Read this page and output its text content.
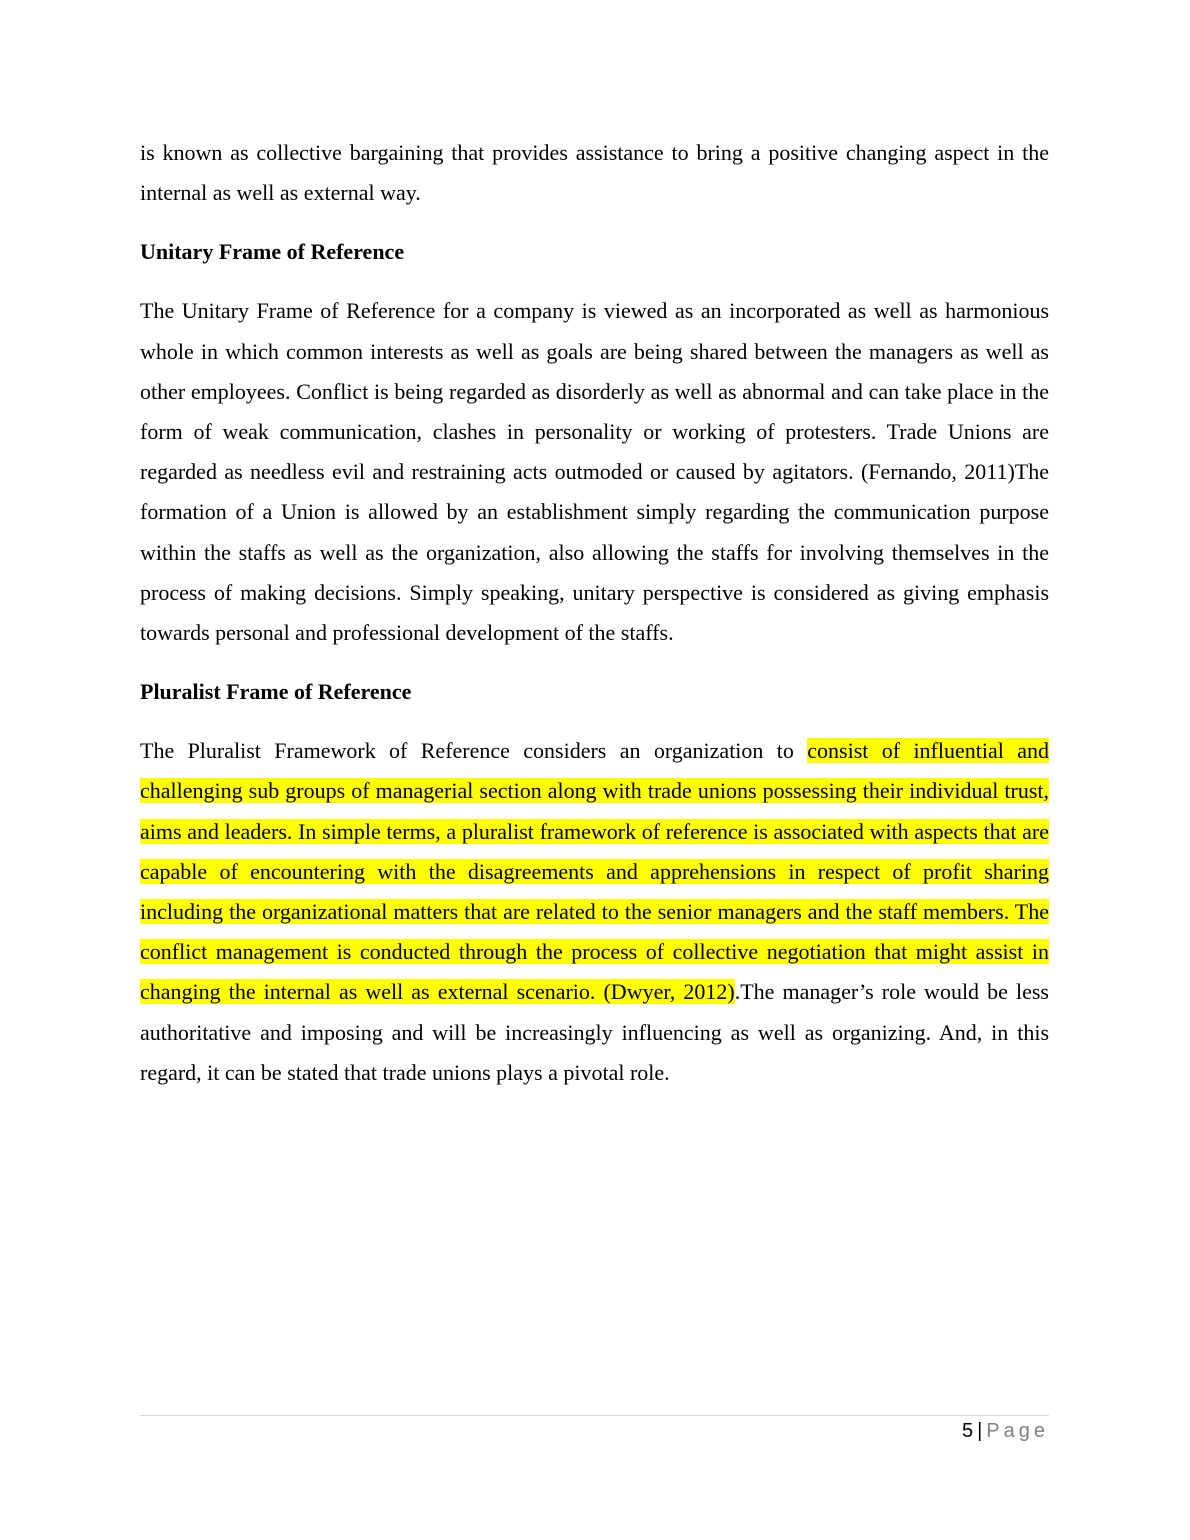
is known as collective bargaining that provides assistance to bring a positive changing aspect in the internal as well as external way.

Unitary Frame of Reference

The Unitary Frame of Reference for a company is viewed as an incorporated as well as harmonious whole in which common interests as well as goals are being shared between the managers as well as other employees. Conflict is being regarded as disorderly as well as abnormal and can take place in the form of weak communication, clashes in personality or working of protesters. Trade Unions are regarded as needless evil and restraining acts outmoded or caused by agitators. (Fernando, 2011)The formation of a Union is allowed by an establishment simply regarding the communication purpose within the staffs as well as the organization, also allowing the staffs for involving themselves in the process of making decisions. Simply speaking, unitary perspective is considered as giving emphasis towards personal and professional development of the staffs.

Pluralist Frame of Reference

The Pluralist Framework of Reference considers an organization to consist of influential and challenging sub groups of managerial section along with trade unions possessing their individual trust, aims and leaders. In simple terms, a pluralist framework of reference is associated with aspects that are capable of encountering with the disagreements and apprehensions in respect of profit sharing including the organizational matters that are related to the senior managers and the staff members. The conflict management is conducted through the process of collective negotiation that might assist in changing the internal as well as external scenario. (Dwyer, 2012).The manager’s role would be less authoritative and imposing and will be increasingly influencing as well as organizing. And, in this regard, it can be stated that trade unions plays a pivotal role.

5 | Page
